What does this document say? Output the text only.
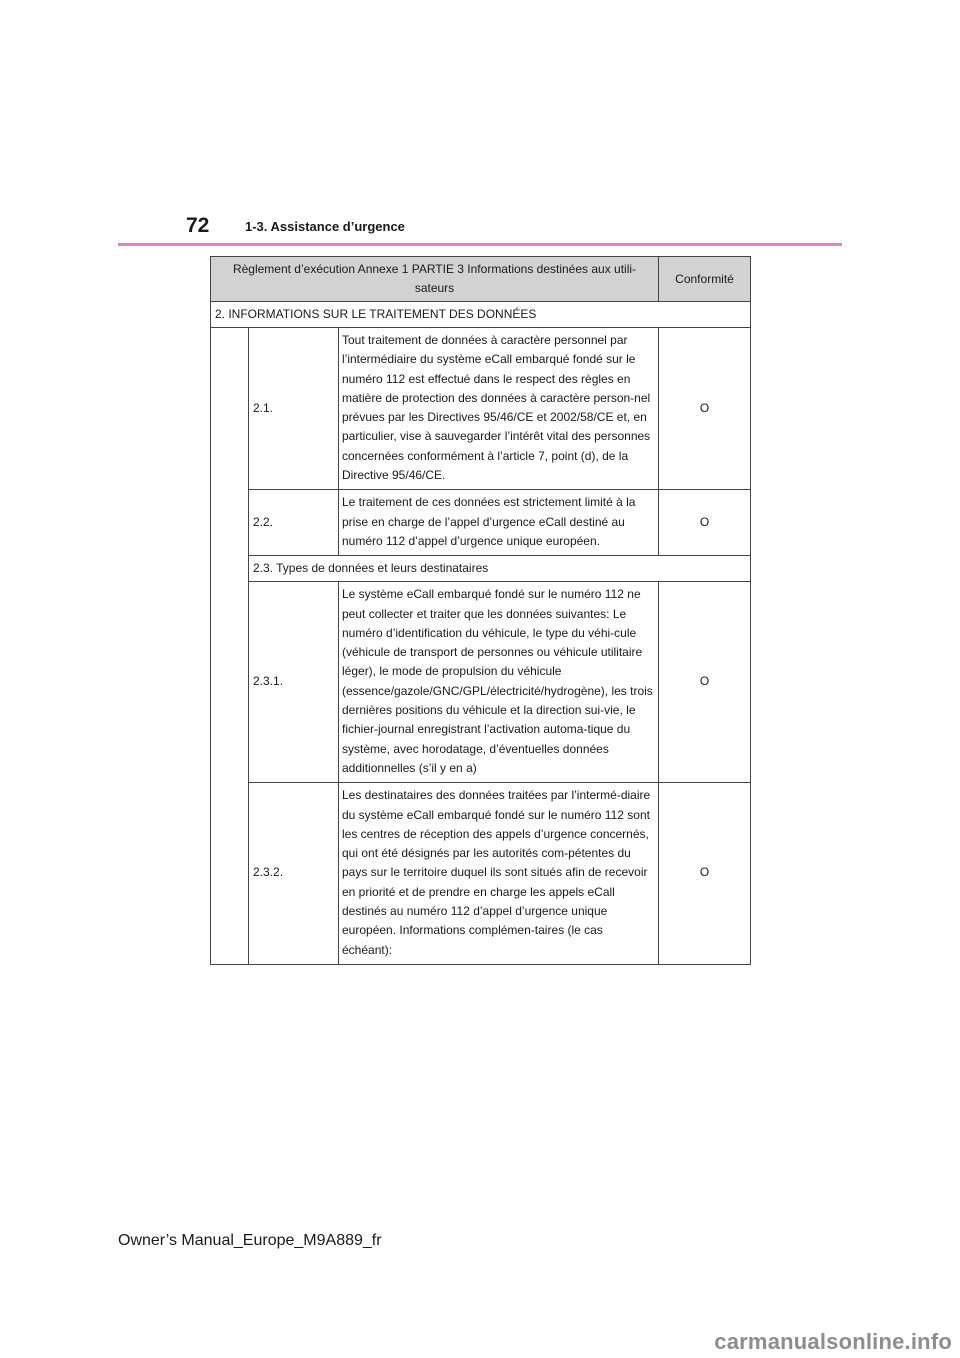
72	1-3. Assistance d’urgence
Règlement d’exécution Annexe 1 PARTIE 3 Informations destinées aux utili-sateurs			Conformité
2. INFORMATIONS SUR LE TRAITEMENT DES DONNÉES			
	2.1.	Tout traitement de données à caractère personnel par l’intermédiaire du système eCall embarqué fondé sur le numéro 112 est effectué dans le respect des règles en matière de protection des données à caractère person-nel prévues par les Directives 95/46/CE et 2002/58/CE et, en particulier, vise à sauvegarder l’intérêt vital des personnes concernées conformément à l’article 7, point (d), de la Directive 95/46/CE.	O
	2.2.	Le traitement de ces données est strictement limité à la prise en charge de l’appel d’urgence eCall destiné au numéro 112 d’appel d’urgence unique européen.	O
	2.3. Types de données et leurs destinataires		
	2.3.1.	Le système eCall embarqué fondé sur le numéro 112 ne peut collecter et traiter que les données suivantes: Le numéro d’identification du véhicule, le type du véhi-cule (véhicule de transport de personnes ou véhicule utilitaire léger), le mode de propulsion du véhicule (essence/gazole/GNC/GPL/électricité/hydrogène), les trois dernières positions du véhicule et la direction sui-vie, le fichier-journal enregistrant l’activation automa-tique du système, avec horodatage, d’éventuelles données additionnelles (s’il y en a)	O
	2.3.2.	Les destinataires des données traitées par l’intermé-diaire du système eCall embarqué fondé sur le numéro 112 sont les centres de réception des appels d’urgence concernés, qui ont été désignés par les autorités com-pétentes du pays sur le territoire duquel ils sont situés afin de recevoir en priorité et de prendre en charge les appels eCall destinés au numéro 112 d’appel d’urgence unique européen. Informations complémen-taires (le cas échéant):	O
Owner’s Manual_Europe_M9A889_fr
carmanualsonline.info
